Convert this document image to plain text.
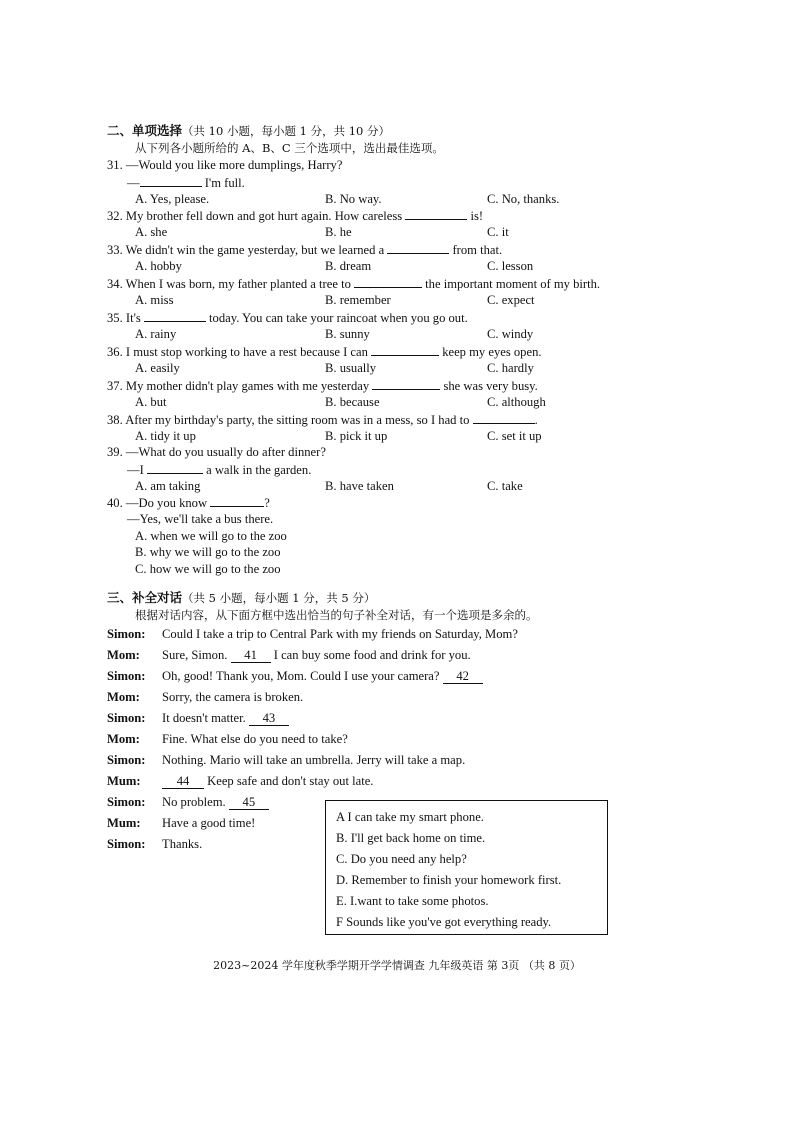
二、单项选择（共 10 小题，每小题 1 分，共 10 分）
从下列各小题所给的 A、B、C 三个选项中，选出最佳选项。
31. —Would you like more dumplings, Harry?
—	I'm full.
A. Yes, please.	B. No way.	C. No, thanks.
32. My brother fell down and got hurt again. How careless	is!
A. she	B. he	C. it
33. We didn't win the game yesterday, but we learned a	from that.
A. hobby	B. dream	C. lesson
34. When I was born, my father planted a tree to	the important moment of my birth.
A. miss	B. remember	C. expect
35. It's	today. You can take your raincoat when you go out.
A. rainy	B. sunny	C. windy
36. I must stop working to have a rest because I can	keep my eyes open.
A. easily	B. usually	C. hardly
37. My mother didn't play games with me yesterday	she was very busy.
A. but	B. because	C. although
38. After my birthday's party, the sitting room was in a mess, so I had to	.
A. tidy it up	B. pick it up	C. set it up
39. —What do you usually do after dinner?
—I	a walk in the garden.
A. am taking	B. have taken	C. take
40. —Do you know	?
—Yes, we'll take a bus there.
A. when we will go to the zoo
B. why we will go to the zoo
C. how we will go to the zoo
三、补全对话（共 5 小题，每小题 1 分，共 5 分）
根据对话内容，从下面方框中选出恰当的句子补全对话，有一个选项是多余的。
Simon: Could I take a trip to Central Park with my friends on Saturday, Mom?
Mom: Sure, Simon. 41 I can buy some food and drink for you.
Simon: Oh, good! Thank you, Mom. Could I use your camera? 42
Mom: Sorry, the camera is broken.
Simon: It doesn't matter. 43
Mom: Fine. What else do you need to take?
Simon: Nothing. Mario will take an umbrella. Jerry will take a map.
Mum:	44 Keep safe and don't stay out late.
Simon: No problem. 45
Mum: Have a good time!
Simon: Thanks.
A I can take my smart phone.
B. I'll get back home on time.
C. Do you need any help?
D. Remember to finish your homework first.
E. I.want to take some photos.
F Sounds like you've got everything ready.
2023~2024 学年度秋季学期开学学情调查 九年级英语 第 3页 （共 8 页）
